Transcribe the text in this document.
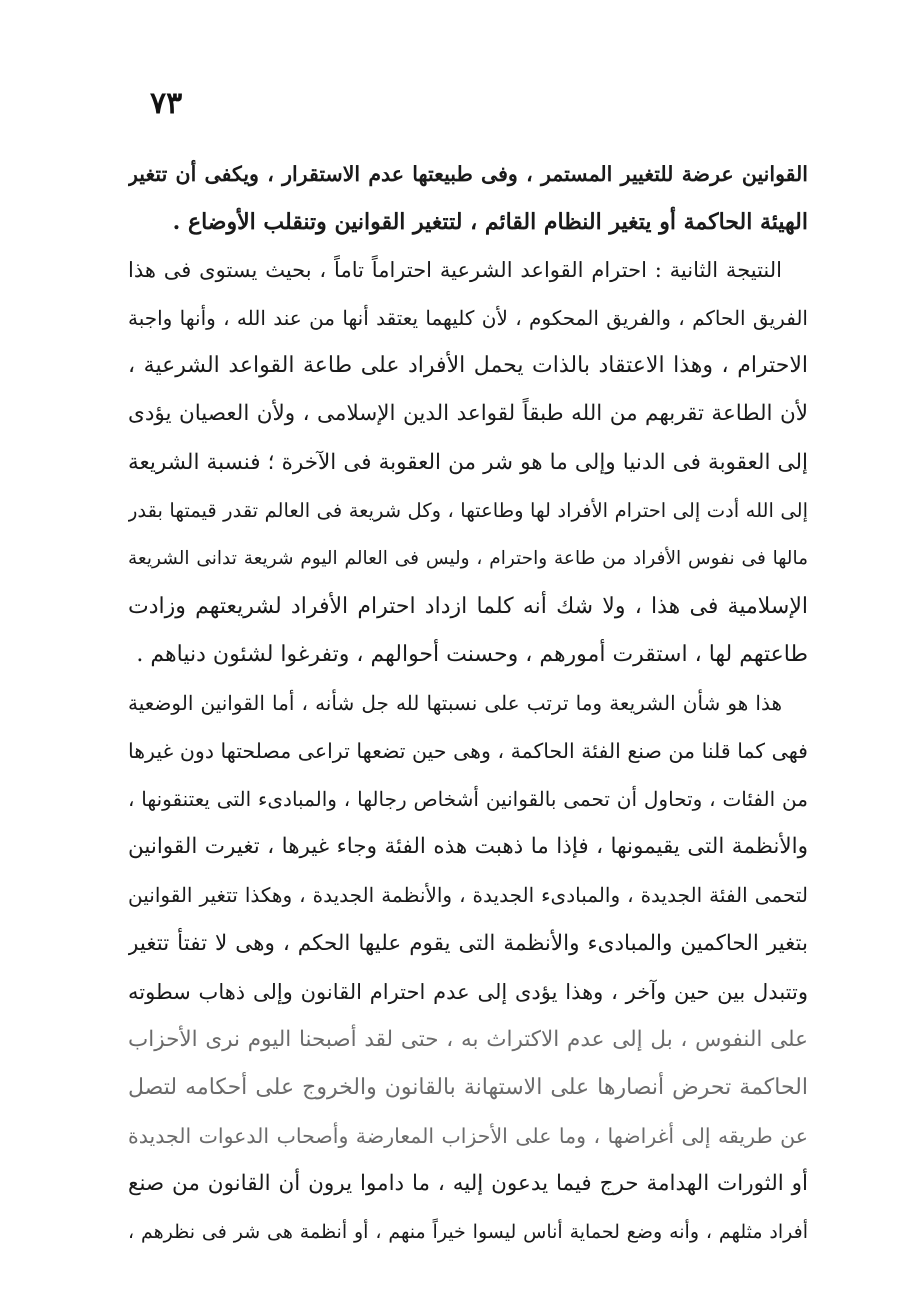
٧٣
القوانين عرضة للتغيير المستمر ، وفى طبيعتها عدم الاستقرار ، ويكفى أن تتغير
الهيئة الحاكمة أو يتغير النظام القائم ، لتتغير القوانين وتنقلب الأوضاع .
النتيجة الثانية : احترام القواعد الشرعية احتراماً تاماً ، بحيث يستوى فى هذا
الفريق الحاكم ، والفريق المحكوم ، لأن كليهما يعتقد أنها من عند الله ، وأنها واجبة
الاحترام ، وهذا الاعتقاد بالذات يحمل الأفراد على طاعة القواعد الشرعية ،
لأن الطاعة تقربهم من الله طبقاً لقواعد الدين الإسلامى ، ولأن العصيان يؤدى
إلى العقوبة فى الدنيا وإلى ما هو شر من العقوبة فى الآخرة ؛ فنسبة الشريعة
إلى الله أدت إلى احترام الأفراد لها وطاعتها ، وكل شريعة فى العالم تقدر قيمتها بقدر
مالها فى نفوس الأفراد من طاعة واحترام ، وليس فى العالم اليوم شريعة تدانى الشريعة
الإسلامية فى هذا ، ولا شك أنه كلما ازداد احترام الأفراد لشريعتهم وزادت
طاعتهم لها ، استقرت أمورهم ، وحسنت أحوالهم ، وتفرغوا لشئون دنياهم .
هذا هو شأن الشريعة وما ترتب على نسبتها لله جل شأنه ، أما القوانين الوضعية
فهى كما قلنا من صنع الفئة الحاكمة ، وهى حين تضعها تراعى مصلحتها دون غيرها
من الفئات ، وتحاول أن تحمى بالقوانين أشخاص رجالها ، والمبادىء التى يعتنقونها ،
والأنظمة التى يقيمونها ، فإذا ما ذهبت هذه الفئة وجاء غيرها ، تغيرت القوانين
لتحمى الفئة الجديدة ، والمبادىء الجديدة ، والأنظمة الجديدة ، وهكذا تتغير القوانين
بتغير الحاكمين والمبادىء والأنظمة التى يقوم عليها الحكم ، وهى لا تفتأ تتغير
وتتبدل بين حين وآخر ، وهذا يؤدى إلى عدم احترام القانون وإلى ذهاب سطوته
على النفوس ، بل إلى عدم الاكتراث به ، حتى لقد أصبحنا اليوم نرى الأحزاب
الحاكمة تحرض أنصارها على الاستهانة بالقانون والخروج على أحكامه لتصل
عن طريقه إلى أغراضها ، وما على الأحزاب المعارضة وأصحاب الدعوات الجديدة
أو الثورات الهدامة حرج فيما يدعون إليه ، ما داموا يرون أن القانون من صنع
أفراد مثلهم ، وأنه وضع لحماية أناس ليسوا خيراً منهم ، أو أنظمة هى شر فى نظرهم ،
